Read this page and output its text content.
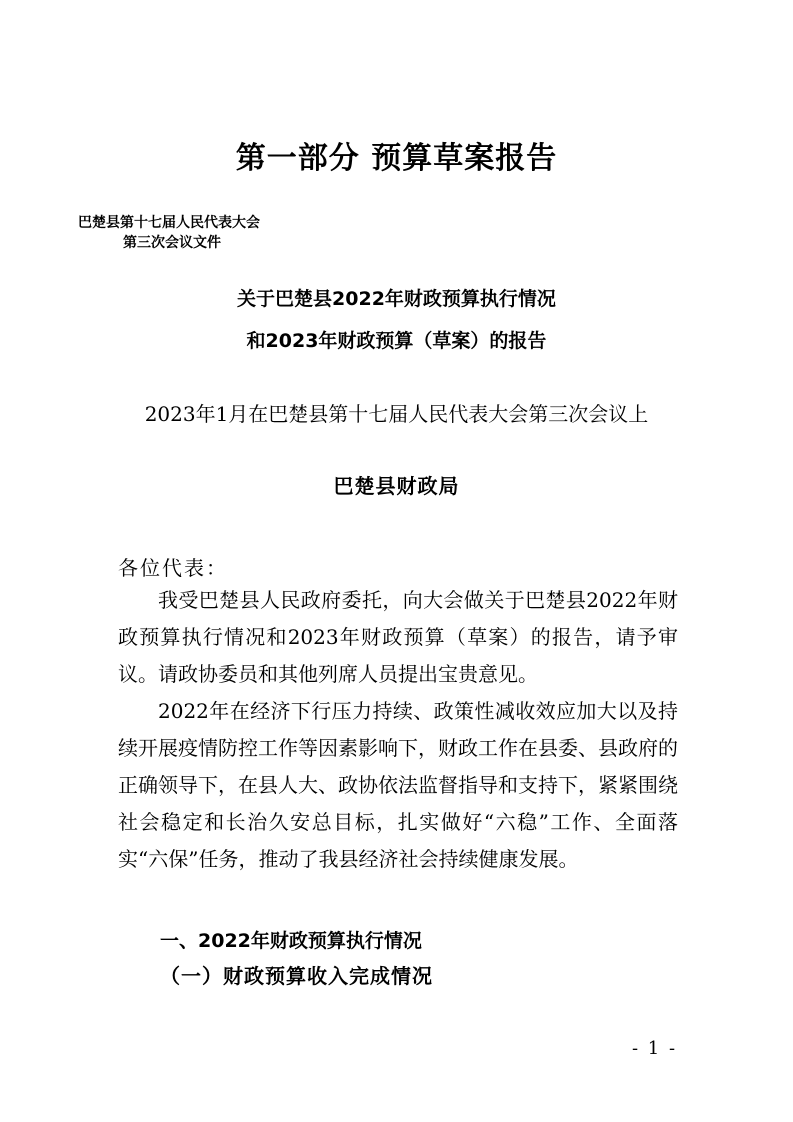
第一部分 预算草案报告
巴楚县第十七届人民代表大会
第三次会议文件
关于巴楚县2022年财政预算执行情况
和2023年财政预算（草案）的报告
2023年1月在巴楚县第十七届人民代表大会第三次会议上
巴楚县财政局
各位代表：

我受巴楚县人民政府委托，向大会做关于巴楚县2022年财政预算执行情况和2023年财政预算（草案）的报告，请予审议。请政协委员和其他列席人员提出宝贵意见。

2022年在经济下行压力持续、政策性减收效应加大以及持续开展疫情防控工作等因素影响下，财政工作在县委、县政府的正确领导下，在县人大、政协依法监督指导和支持下，紧紧围绕社会稳定和长治久安总目标，扎实做好“六稳”工作、全面落实“六保”任务，推动了我县经济社会持续健康发展。

一、2022年财政预算执行情况
（一）财政预算收入完成情况
- 1 -
